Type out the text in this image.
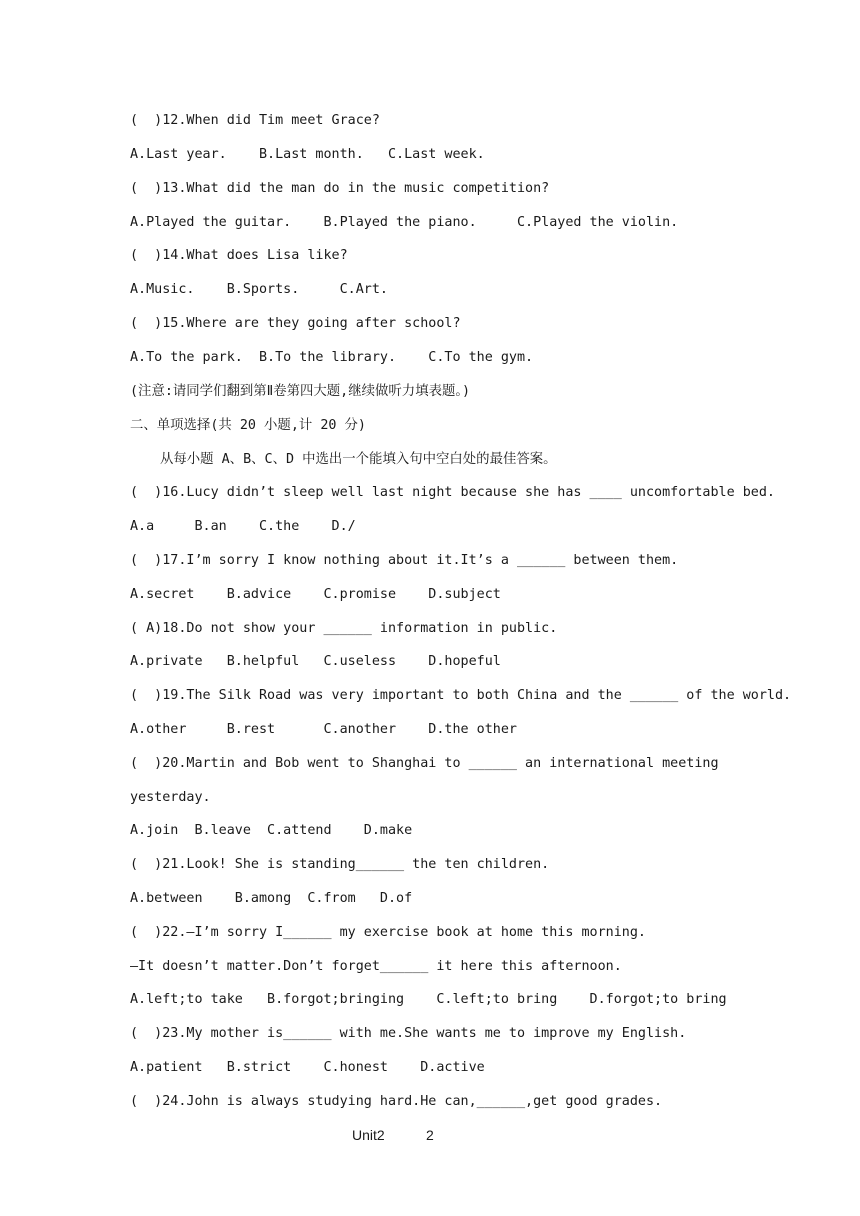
(  )12.When did Tim meet Grace?
A.Last year.    B.Last month.   C.Last week.
(  )13.What did the man do in the music competition?
A.Played the guitar.    B.Played the piano.     C.Played the violin.
(  )14.What does Lisa like?
A.Music.    B.Sports.     C.Art.
(  )15.Where are they going after school?
A.To the park.  B.To the library.    C.To the gym.
(注意:请同学们翻到第Ⅱ卷第四大题,继续做听力填表题。)
二、单项选择(共 20 小题,计 20 分)
从每小题 A、B、C、D 中选出一个能填入句中空白处的最佳答案。
(  )16.Lucy didn’t sleep well last night because she has ____ uncomfortable bed.
A.a     B.an    C.the    D./
(  )17.I’m sorry I know nothing about it.It’s a ______ between them.
A.secret    B.advice    C.promise    D.subject
( A)18.Do not show your ______ information in public.
A.private   B.helpful   C.useless    D.hopeful
(  )19.The Silk Road was very important to both China and the ______ of the world.
A.other     B.rest      C.another    D.the other
(  )20.Martin and Bob went to Shanghai to ______ an international meeting
yesterday.
A.join  B.leave  C.attend    D.make
(  )21.Look! She is standing______ the ten children.
A.between    B.among  C.from   D.of
(  )22.—I’m sorry I______ my exercise book at home this morning.
—It doesn’t matter.Don’t forget______ it here this afternoon.
A.left;to take   B.forgot;bringing    C.left;to bring    D.forgot;to bring
(  )23.My mother is______ with me.She wants me to improve my English.
A.patient   B.strict    C.honest    D.active
(  )24.John is always studying hard.He can,______,get good grades.
Unit2	2
